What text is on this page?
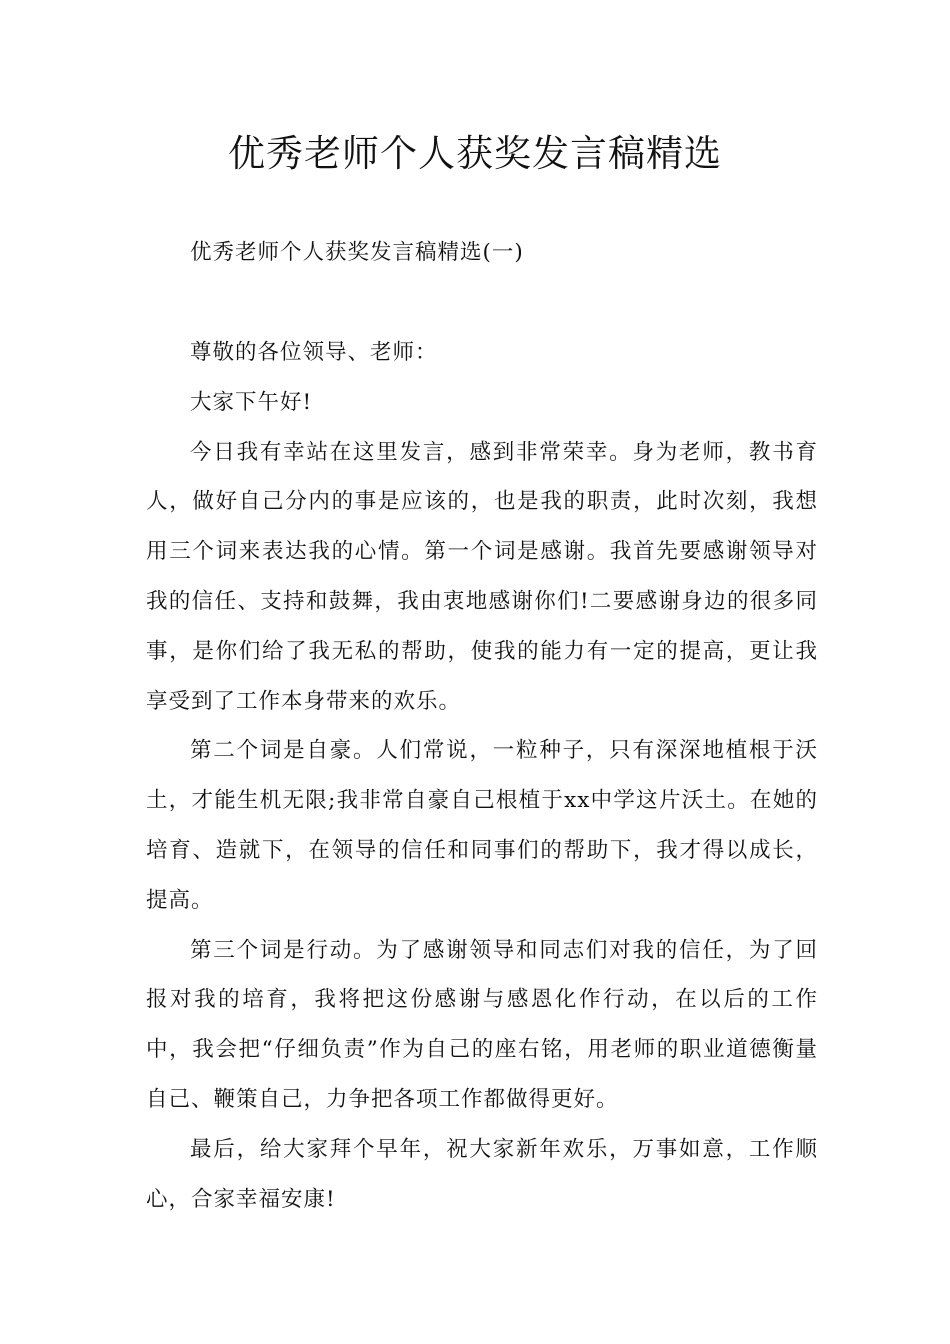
优秀老师个人获奖发言稿精选

优秀老师个人获奖发言稿精选(一)

尊敬的各位领导、老师：

大家下午好!

今日我有幸站在这里发言，感到非常荣幸。身为老师，教书育人，做好自己分内的事是应该的，也是我的职责，此时次刻，我想用三个词来表达我的心情。第一个词是感谢。我首先要感谢领导对我的信任、支持和鼓舞，我由衷地感谢你们!二要感谢身边的很多同事，是你们给了我无私的帮助，使我的能力有一定的提高，更让我享受到了工作本身带来的欢乐。

第二个词是自豪。人们常说，一粒种子，只有深深地植根于沃土，才能生机无限;我非常自豪自己根植于xx中学这片沃土。在她的培育、造就下，在领导的信任和同事们的帮助下，我才得以成长，提高。

第三个词是行动。为了感谢领导和同志们对我的信任，为了回报对我的培育，我将把这份感谢与感恩化作行动，在以后的工作中，我会把“仔细负责”作为自己的座右铭，用老师的职业道德衡量自己、鞭策自己，力争把各项工作都做得更好。

最后，给大家拜个早年，祝大家新年欢乐，万事如意，工作顺心，合家幸福安康!
